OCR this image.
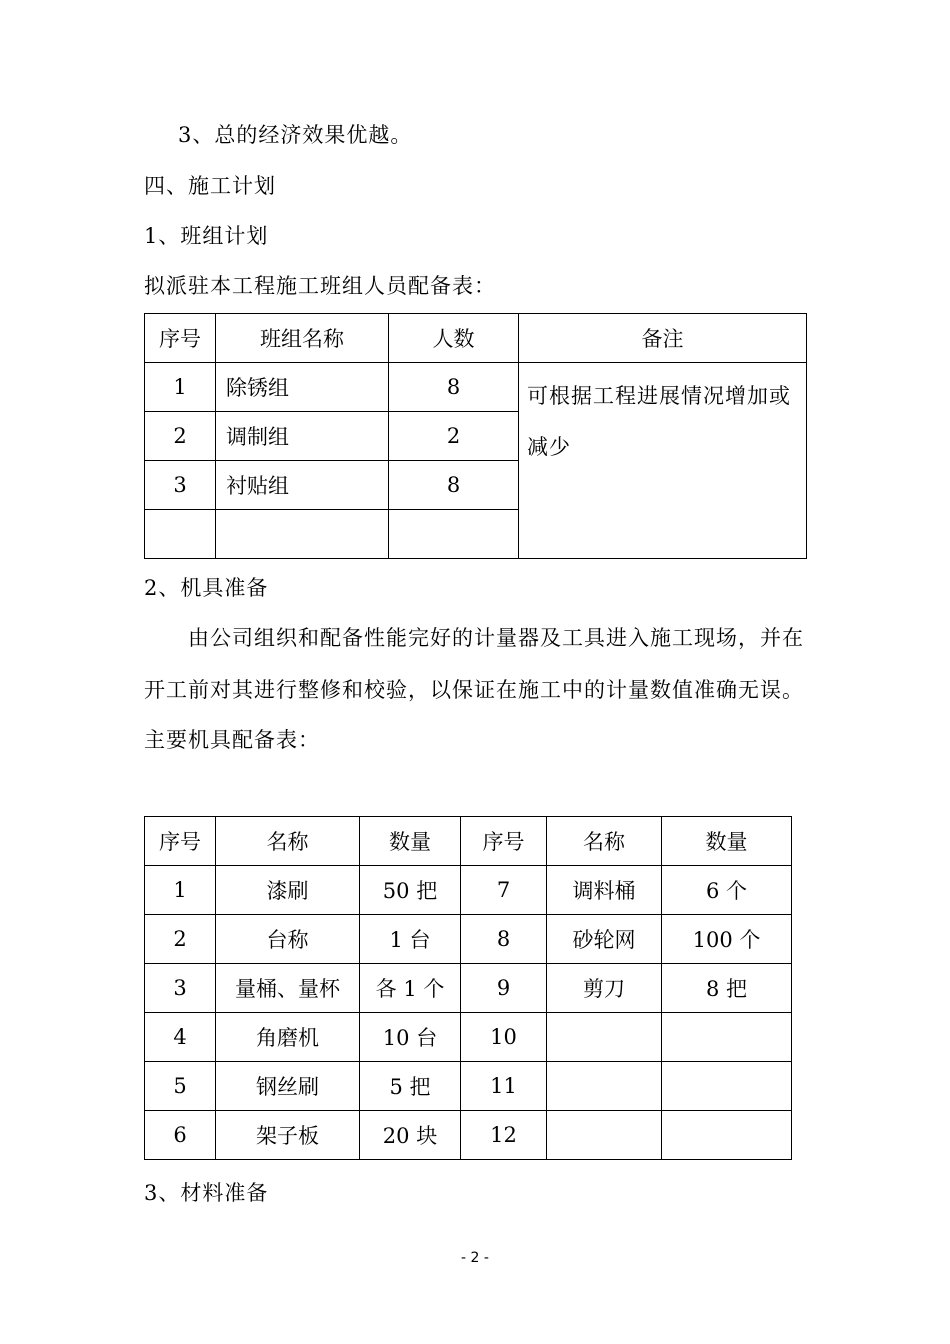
3、总的经济效果优越。
四、施工计划
1、班组计划
拟派驻本工程施工班组人员配备表：
序号	班组名称	人数	备注
1	除锈组	8	可根据工程进展情况增加或减少
2	调制组	2	
3	衬贴组	8	

2、机具准备
由公司组织和配备性能完好的计量器及工具进入施工现场，并在
开工前对其进行整修和校验，以保证在施工中的计量数值准确无误。
主要机具配备表：
序号	名称	数量	序号	名称	数量
1	漆刷	50 把	7	调料桶	6 个
2	台称	1 台	8	砂轮网	100 个
3	量桶、量杯	各 1 个	9	剪刀	8 把
4	角磨机	10 台	10		
5	钢丝刷	5 把	11		
6	架子板	20 块	12		
3、材料准备
- 2 -
